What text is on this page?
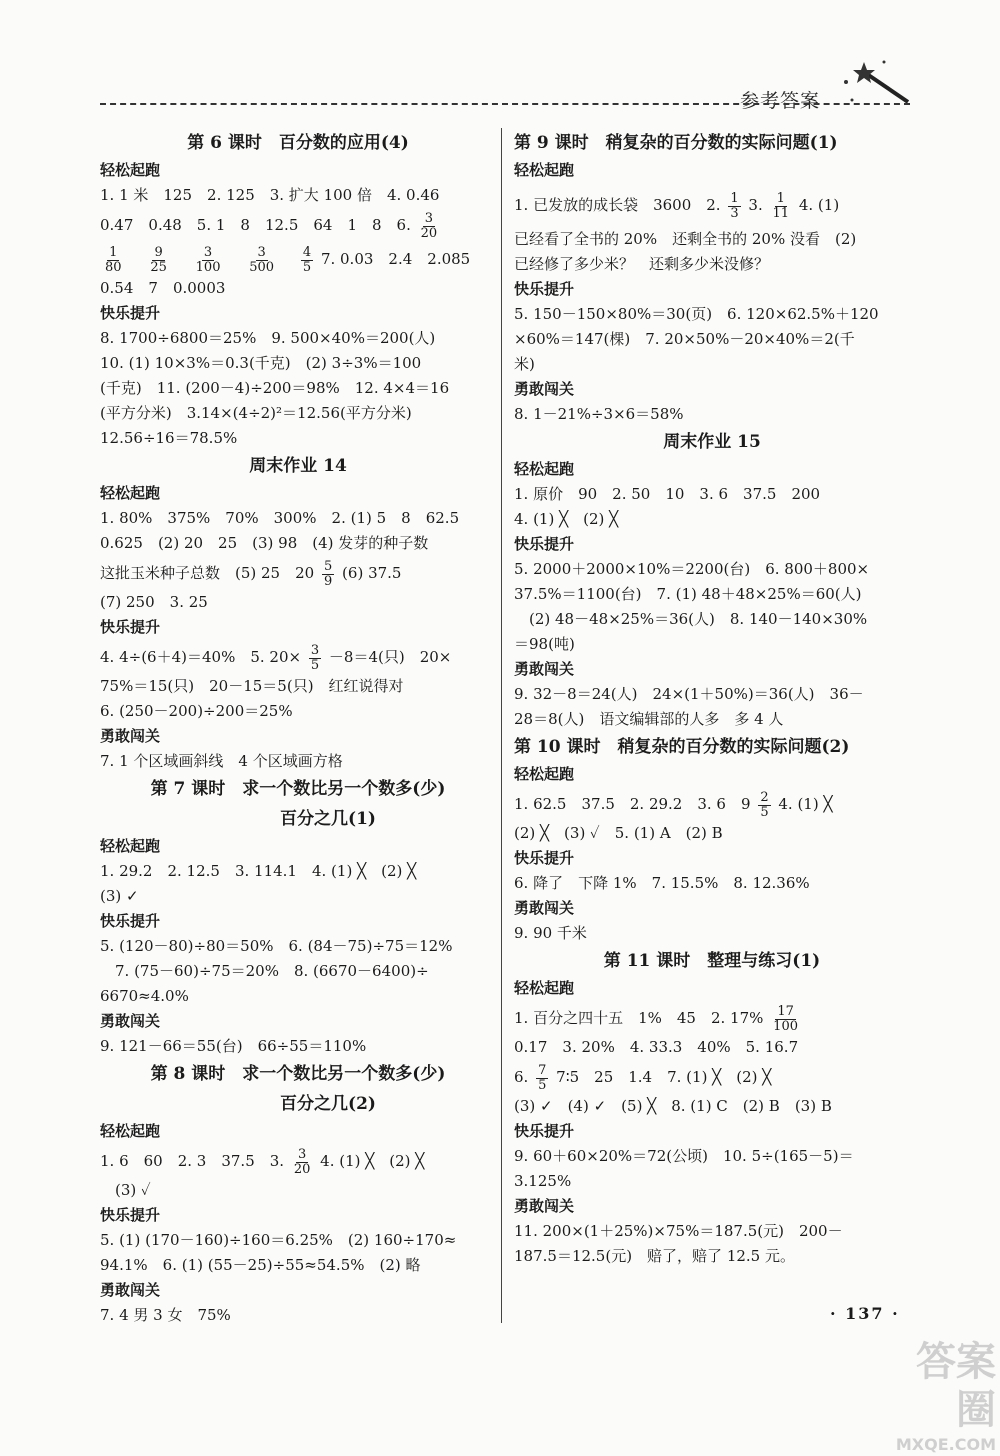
参考答案
第 6 课时　百分数的应用(4)
轻松起跑
1. 1 米　125　2. 125　3. 扩大 100 倍　4. 0.46
0.47　0.48　5. 1　8　12.5　64　1　8　6. $\frac{3}{20}$
$\frac{1}{80}$
$\frac{9}{25}$
$\frac{3}{100}$
$\frac{3}{500}$
$\frac{4}{5} 7$. 0.03　2.4　2.085
0.54　7　0.0003
快乐提升
8. 1700÷6800＝25%　9. 500×40%＝200(人)
10. (1) 10×3%＝0.3(千克)　(2) 3÷3%＝100
(千克)　11. (200－4)÷200＝98%　12. 4×4＝16
(平方分米)　3.14×(4÷2)²＝12.56(平方分米)
12.56÷16＝78.5%
周末作业 14
轻松起跑
1. 80%　375%　70%　300%　2. (1) 5　8　62.5
0.625　(2) 20　25　(3) 98　(4) 发芽的种子数
这批玉米种子总数　(5) 25　$20 \frac{5}{9} (6)$ 37.5
(7) 250　3. 25
快乐提升
4. 4÷(6＋4)＝40%　5. $20\times \frac{3}{5} -8=4$(只)　20×
75%＝15(只)　20－15＝5(只)　红红说得对
6. (250－200)÷200＝25%
勇敢闯关
7. 1 个区域画斜线　4 个区域画方格
第 7 课时　求一个数比另一个数多(少)
百分之几(1)
轻松起跑
1. 29.2　2. 12.5　3. 114.1　4. (1) ╳　(2) ╳
(3) ✓
快乐提升
5. (120－80)÷80＝50%　6. (84－75)÷75＝12%
　7. (75－60)÷75＝20%　8. (6670－6400)÷
6670≈4.0%
勇敢闯关
9. 121－66＝55(台)　66÷55＝110%
第 8 课时　求一个数比另一个数多(少)
百分之几(2)
轻松起跑
1. 6　60　2. 3　37.5　3. $\frac{3}{20} 4$. (1) ╳　(2) ╳
　(3) ✓
快乐提升
5. (1) (170－160)÷160＝6.25%　(2) 160÷170≈
94.1%　6. (1) (55－25)÷55≈54.5%　(2) 略
勇敢闯关
7. 4 男 3 女　75%
第 9 课时　稍复杂的百分数的实际问题(1)
轻松起跑
1. 已发放的成长袋　3600　2. $\frac{1}{3} 3$. $\frac{1}{11} 4$. (1)
已经看了全书的 20%　还剩全书的 20% 没看　(2)
已经修了多少米？　还剩多少米没修？
快乐提升
5. 150－150×80%＝30(页)　6. 120×62.5%＋120
×60%＝147(棵)　7. 20×50%－20×40%＝2(千
米)
勇敢闯关
8. 1－21%÷3×6＝58%
周末作业 15
轻松起跑
1. 原价　90　2. 50　10　3. 6　37.5　200
4. (1) ╳　(2) ╳
快乐提升
5. 2000＋2000×10%＝2200(台)　6. 800＋800×
37.5%＝1100(台)　7. (1) 48＋48×25%＝60(人)
　(2) 48－48×25%＝36(人)　8. 140－140×30%
＝98(吨)
勇敢闯关
9. 32－8＝24(人)　24×(1＋50%)＝36(人)　36－
28＝8(人)　语文编辑部的人多　多 4 人
第 10 课时　稍复杂的百分数的实际问题(2)
轻松起跑
1. 62.5　37.5　2. 29.2　3. 6　$9 \frac{2}{5} 4$. (1) ╳
(2) ╳　(3) ✓　5. (1) A　(2) B
快乐提升
6. 降了　下降 1%　7. 15.5%　8. 12.36%
勇敢闯关
9. 90 千米
第 11 课时　整理与练习(1)
轻松起跑
1. 百分之四十五　1%　45　2. $17\% \frac{17}{100}$
0.17　3. 20%　4. 33.3　40%　5. 16.7
6. $\frac{7}{5}$ 7∶5　25　1.4　7. (1) ╳　(2) ╳
(3) ✓　(4) ✓　(5) ╳　8. (1) C　(2) B　(3) B
快乐提升
9. 60＋60×20%＝72(公顷)　10. 5÷(165－5)＝
3.125%
勇敢闯关
11. 200×(1＋25%)×75%＝187.5(元)　200－
187.5＝12.5(元)　赔了，赔了 12.5 元。
· 137 ·
答案圈
MXQE.COM
